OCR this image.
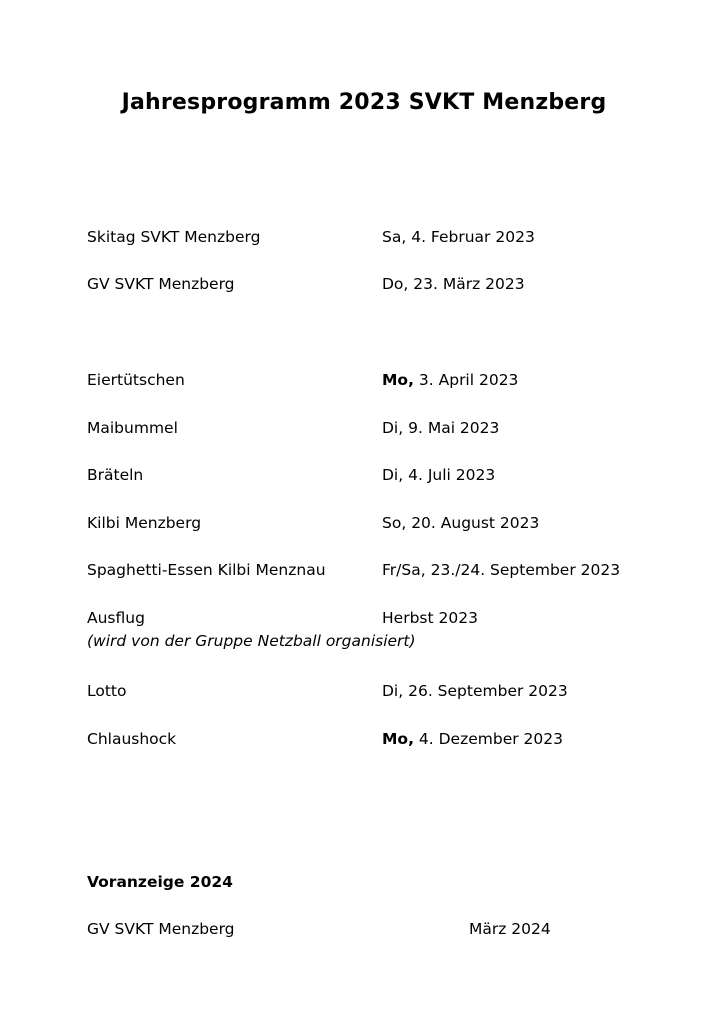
Jahresprogramm 2023 SVKT Menzberg
Skitag SVKT Menzberg	Sa, 4. Februar 2023
GV SVKT Menzberg	Do, 23. März 2023
Eiertütschen	Mo, 3. April 2023
Maibummel	Di, 9. Mai 2023
Bräteln	Di, 4. Juli 2023
Kilbi Menzberg	So, 20. August 2023
Spaghetti-Essen Kilbi Menznau	Fr/Sa, 23./24. September 2023
Ausflug	Herbst 2023
(wird von der Gruppe Netzball organisiert)
Lotto	Di, 26. September 2023
Chlaushock	Mo, 4. Dezember 2023
Voranzeige 2024
GV SVKT Menzberg	März 2024
